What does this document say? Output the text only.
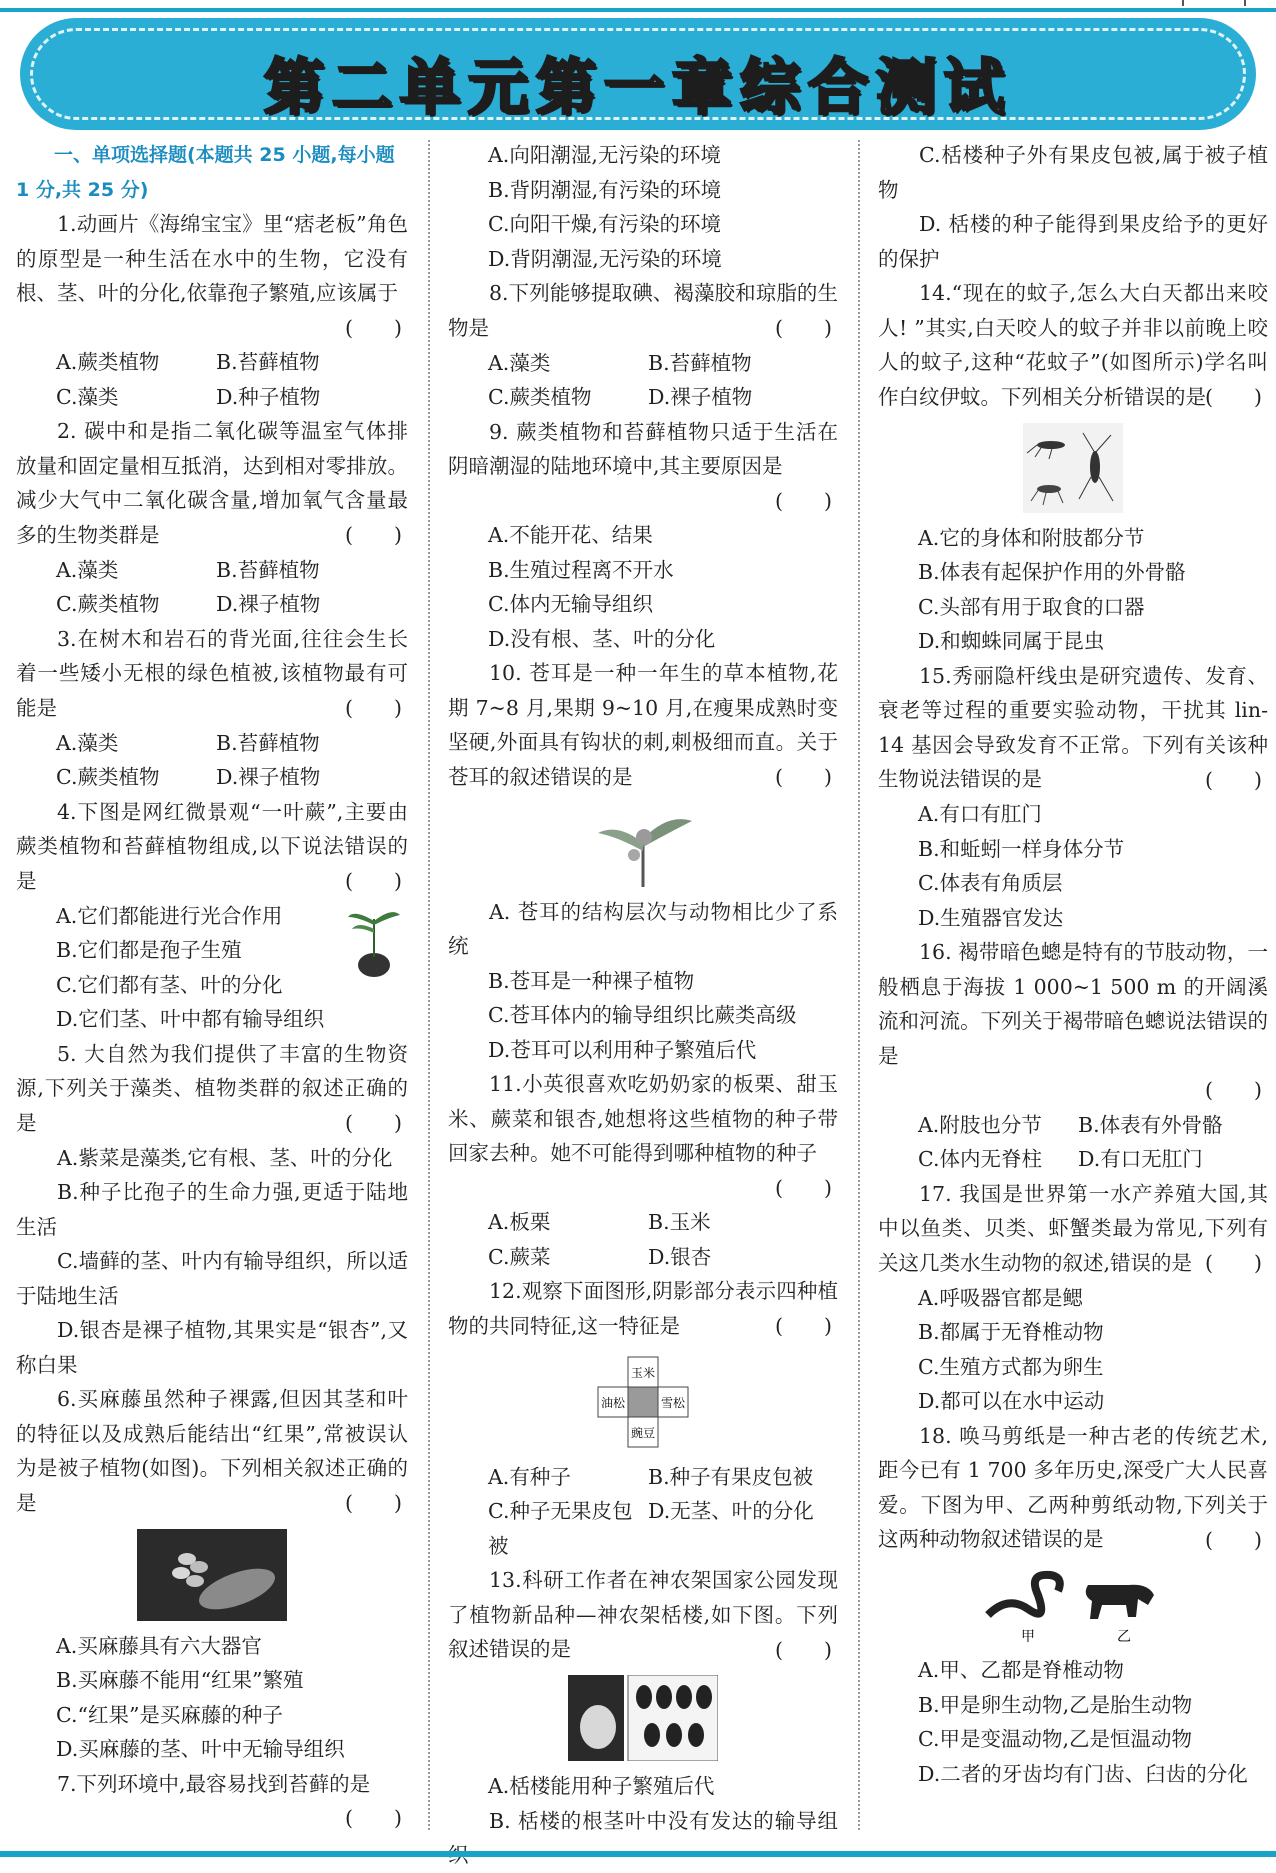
第二单元第一章综合测试
一、单项选择题(本题共 25 小题,每小题 1 分,共 25 分)
1.动画片《海绵宝宝》里“痞老板”角色的原型是一种生活在水中的生物，它没有根、茎、叶的分化,依靠孢子繁殖,应该属于
(　　)
A.蕨类植物	B.苔藓植物
C.藻类	D.种子植物
2. 碳中和是指二氧化碳等温室气体排放量和固定量相互抵消，达到相对零排放。减少大气中二氧化碳含量,增加氧气含量最多的生物类群是	(　　)
A.藻类	B.苔藓植物
C.蕨类植物	D.裸子植物
3.在树木和岩石的背光面,往往会生长着一些矮小无根的绿色植被,该植物最有可能是	(　　)
A.藻类	B.苔藓植物
C.蕨类植物	D.裸子植物
4.下图是网红微景观“一叶蕨”,主要由蕨类植物和苔藓植物组成,以下说法错误的是	(　　)
A.它们都能进行光合作用
B.它们都是孢子生殖
C.它们都有茎、叶的分化
D.它们茎、叶中都有输导组织
5. 大自然为我们提供了丰富的生物资源,下列关于藻类、植物类群的叙述正确的是	(　　)
A.紫菜是藻类,它有根、茎、叶的分化
B.种子比孢子的生命力强,更适于陆地生活
C.墙藓的茎、叶内有输导组织，所以适于陆地生活
D.银杏是裸子植物,其果实是“银杏”,又称白果
6.买麻藤虽然种子裸露,但因其茎和叶的特征以及成熟后能结出“红果”,常被误认为是被子植物(如图)。下列相关叙述正确的是	(　　)
A.买麻藤具有六大器官
B.买麻藤不能用“红果”繁殖
C.“红果”是买麻藤的种子
D.买麻藤的茎、叶中无输导组织
7.下列环境中,最容易找到苔藓的是
(　　)
A.向阳潮湿,无污染的环境
B.背阴潮湿,有污染的环境
C.向阳干燥,有污染的环境
D.背阴潮湿,无污染的环境
8.下列能够提取碘、褐藻胶和琼脂的生物是	(　　)
A.藻类	B.苔藓植物
C.蕨类植物	D.裸子植物
9. 蕨类植物和苔藓植物只适于生活在阴暗潮湿的陆地环境中,其主要原因是
(　　)
A.不能开花、结果
B.生殖过程离不开水
C.体内无输导组织
D.没有根、茎、叶的分化
10. 苍耳是一种一年生的草本植物,花期 7~8 月,果期 9~10 月,在瘦果成熟时变坚硬,外面具有钩状的刺,刺极细而直。关于苍耳的叙述错误的是	(　　)
A. 苍耳的结构层次与动物相比少了系统
B.苍耳是一种裸子植物
C.苍耳体内的输导组织比蕨类高级
D.苍耳可以利用种子繁殖后代
11.小英很喜欢吃奶奶家的板栗、甜玉米、蕨菜和银杏,她想将这些植物的种子带回家去种。她不可能得到哪种植物的种子
(　　)
A.板栗	B.玉米
C.蕨菜	D.银杏
12.观察下面图形,阴影部分表示四种植物的共同特征,这一特征是	(　　)
玉米
油松	雪松
豌豆
A.有种子	B.种子有果皮包被
C.种子无果皮包被
D.无茎、叶的分化
13.科研工作者在神农架国家公园发现了植物新品种—神农架栝楼,如下图。下列叙述错误的是	(　　)
A.栝楼能用种子繁殖后代
B. 栝楼的根茎叶中没有发达的输导组
C.栝楼种子外有果皮包被,属于被子植物
D. 栝楼的种子能得到果皮给予的更好的保护
14.“现在的蚊子,怎么大白天都出来咬人! ”其实,白天咬人的蚊子并非以前晚上咬人的蚊子,这种“花蚊子”(如图所示)学名叫作白纹伊蚊。下列相关分析错误的是 (　　)
A.它的身体和附肢都分节
B.体表有起保护作用的外骨骼
C.头部有用于取食的口器
D.和蜘蛛同属于昆虫
15.秀丽隐杆线虫是研究遗传、发育、衰老等过程的重要实验动物，干扰其 lin-14 基因会导致发育不正常。下列有关该种生物说法错误的是	(　　)
A.有口有肛门
B.和蚯蚓一样身体分节
C.体表有角质层
D.生殖器官发达
16. 褐带暗色蟌是特有的节肢动物，一般栖息于海拔 1 000~1 500 m 的开阔溪流和河流。下列关于褐带暗色蟌说法错误的是
(　　)
A.附肢也分节	B.体表有外骨骼
C.体内无脊柱	D.有口无肛门
17. 我国是世界第一水产养殖大国,其中以鱼类、贝类、虾蟹类最为常见,下列有关这几类水生动物的叙述,错误的是 (　　)
A.呼吸器官都是鳃
B.都属于无脊椎动物
C.生殖方式都为卵生
D.都可以在水中运动
18. 唤马剪纸是一种古老的传统艺术,距今已有 1 700 多年历史,深受广大人民喜爱。下图为甲、乙两种剪纸动物,下列关于这两种动物叙述错误的是	(　　)
甲	乙
A.甲、乙都是脊椎动物
B.甲是卵生动物,乙是胎生动物
C.甲是变温动物,乙是恒温动物
D.二者的牙齿均有门齿、臼齿的分化
